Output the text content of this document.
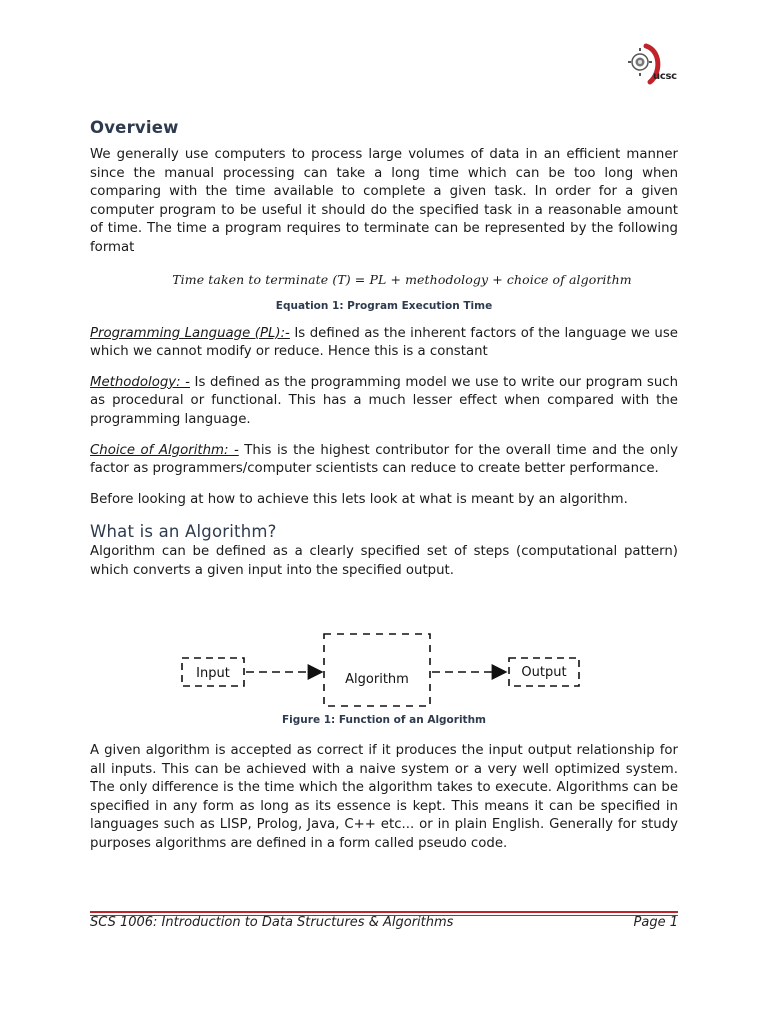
ucsc
Overview

We generally use computers to process large volumes of data in an efficient manner since the manual processing can take a long time which can be too long when comparing with the time available to complete a given task. In order for a given computer program to be useful it should do the specified task in a reasonable amount of time. The time a program requires to terminate can be represented by the following format

Time taken to terminate (T) = PL + methodology + choice of algorithm
Equation 1: Program Execution Time

Programming Language (PL):- Is defined as the inherent factors of the language we use which we cannot modify or reduce. Hence this is a constant

Methodology: - Is defined as the programming model we use to write our program such as procedural or functional. This has a much lesser effect when compared with the programming language.

Choice of Algorithm: - This is the highest contributor for the overall time and the only factor as programmers/computer scientists can reduce to create better performance.

Before looking at how to achieve this lets look at what is meant by an algorithm.

What is an Algorithm?

Algorithm can be defined as a clearly specified set of steps (computational pattern) which converts a given input into the specified output.

Input	Algorithm	Output
Figure 1: Function of an Algorithm

A given algorithm is accepted as correct if it produces the input output relationship for all inputs. This can be achieved with a naive system or a very well optimized system. The only difference is the time which the algorithm takes to execute. Algorithms can be specified in any form as long as its essence is kept. This means it can be specified in languages such as LISP, Prolog, Java, C++ etc... or in plain English. Generally for study purposes algorithms are defined in a form called pseudo code.

SCS 1006: Introduction to Data Structures & Algorithms	Page 1
